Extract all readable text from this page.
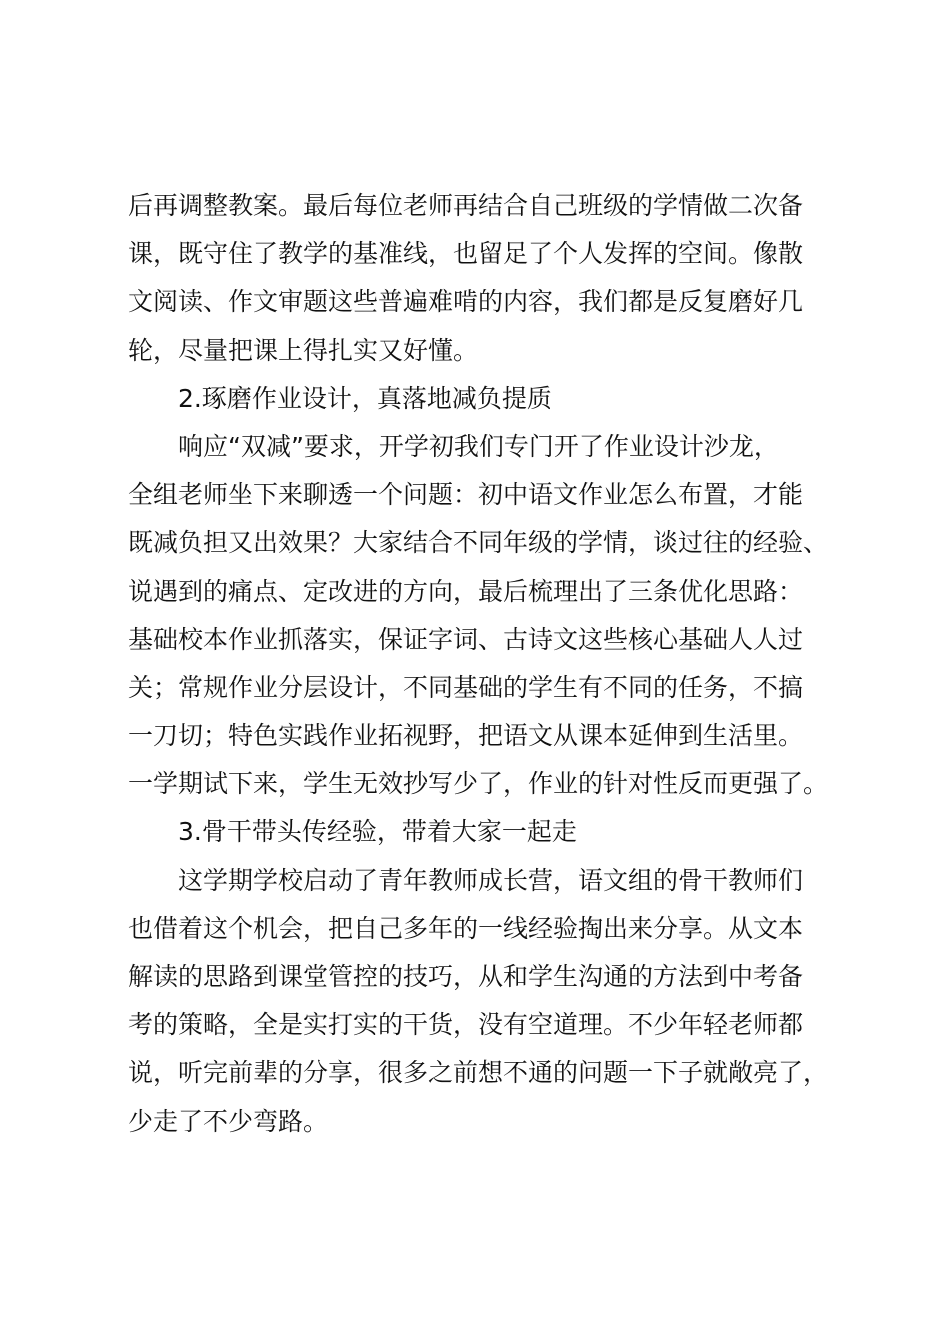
后再调整教案。最后每位老师再结合自己班级的学情做二次备
课，既守住了教学的基准线，也留足了个人发挥的空间。像散
文阅读、作文审题这些普遍难啃的内容，我们都是反复磨好几
轮，尽量把课上得扎实又好懂。
2.琢磨作业设计，真落地减负提质
响应“双减”要求，开学初我们专门开了作业设计沙龙，
全组老师坐下来聊透一个问题：初中语文作业怎么布置，才能
既减负担又出效果？大家结合不同年级的学情，谈过往的经验、
说遇到的痛点、定改进的方向，最后梳理出了三条优化思路：
基础校本作业抓落实，保证字词、古诗文这些核心基础人人过
关；常规作业分层设计，不同基础的学生有不同的任务，不搞
一刀切；特色实践作业拓视野，把语文从课本延伸到生活里。
一学期试下来，学生无效抄写少了，作业的针对性反而更强了。
3.骨干带头传经验，带着大家一起走
这学期学校启动了青年教师成长营，语文组的骨干教师们
也借着这个机会，把自己多年的一线经验掏出来分享。从文本
解读的思路到课堂管控的技巧，从和学生沟通的方法到中考备
考的策略，全是实打实的干货，没有空道理。不少年轻老师都
说，听完前辈的分享，很多之前想不通的问题一下子就敞亮了，
少走了不少弯路。
